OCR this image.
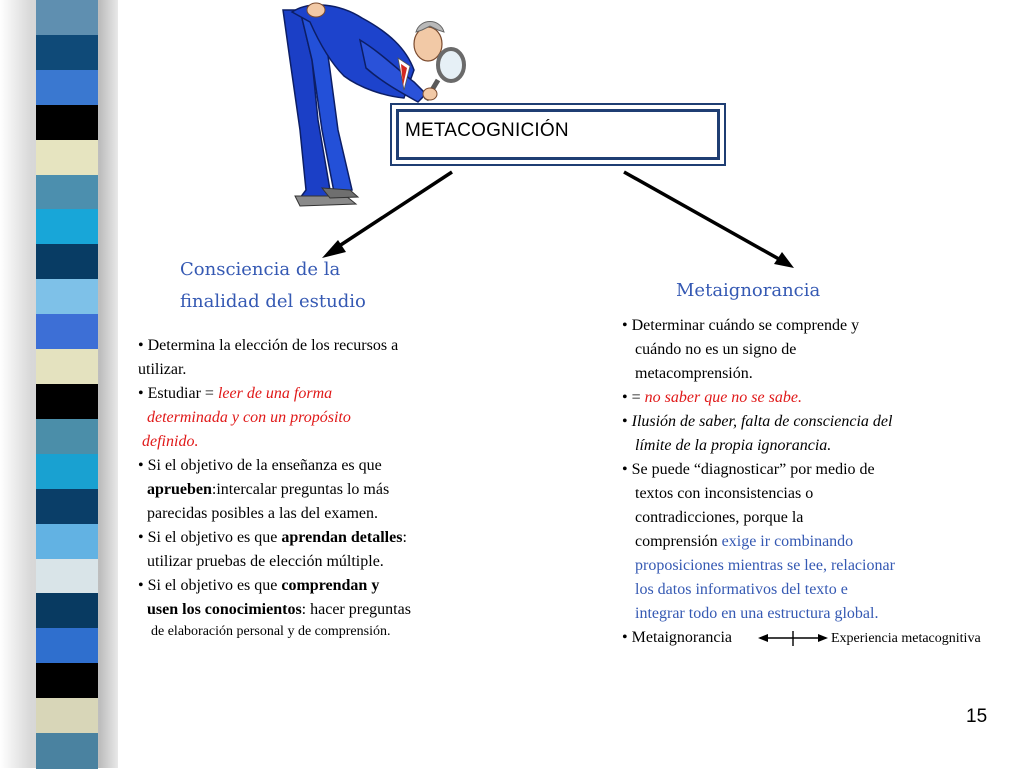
METACOGNICIÓN
Consciencia de la
finalidad del estudio
Metaignorancia
• Determina la elección de los recursos a
utilizar.
• Estudiar = leer de una forma
determinada y con un propósito
definido.
• Si el objetivo de la enseñanza es que
aprueben:intercalar preguntas lo más
parecidas posibles a las del examen.
• Si el objetivo es que aprendan detalles:
utilizar pruebas de elección múltiple.
• Si el objetivo es que comprendan y
usen los conocimientos: hacer preguntas
de elaboración personal y de comprensión.
• Determinar cuándo se comprende y
cuándo no es un signo de
metacomprensión.
• = no saber que no se sabe.
• Ilusión de saber, falta de consciencia del
límite de la propia ignorancia.
• Se puede “diagnosticar” por medio de
textos con inconsistencias o
contradicciones, porque la
comprensión exige ir combinando
proposiciones mientras se lee, relacionar
los datos informativos del texto e
integrar todo en una estructura global.
• Metaignorancia	Experiencia metacognitiva
15
